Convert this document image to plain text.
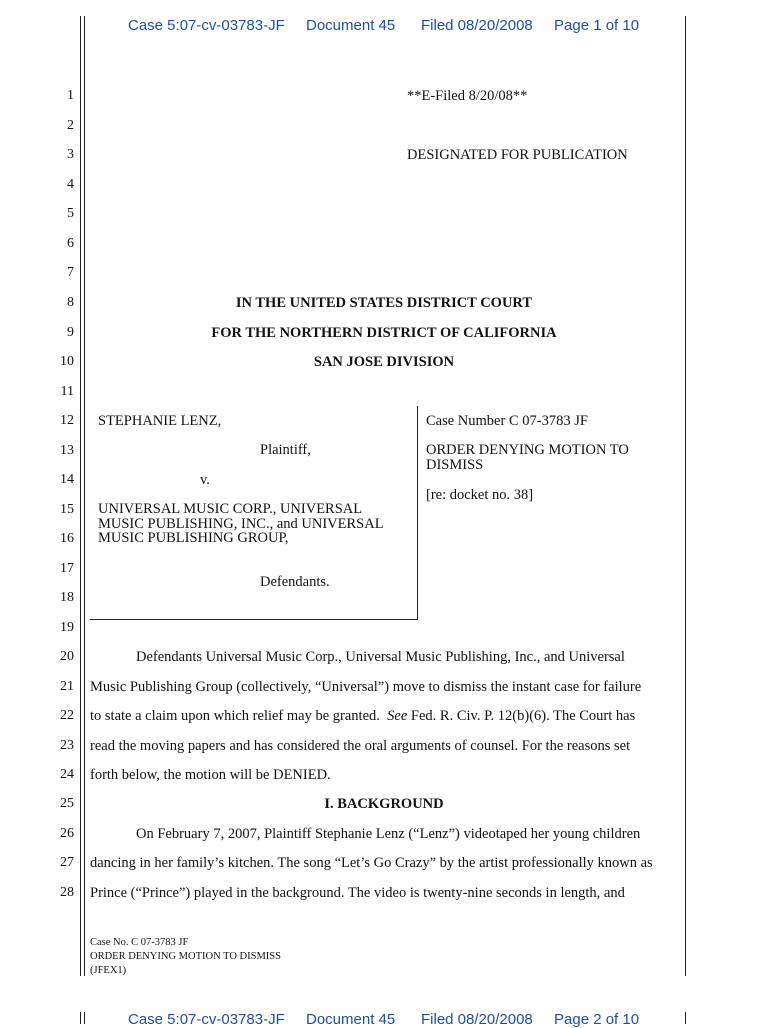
Case 5:07-cv-03783-JF Document 45 Filed 08/20/2008 Page 1 of 10
1
2
3
4
5
6
7
8
9
10
11
12
13
14
15
16
17
18
19
20
21
22
23
24
25
26
27
28
**E-Filed 8/20/08**
DESIGNATED FOR PUBLICATION
IN THE UNITED STATES DISTRICT COURT
FOR THE NORTHERN DISTRICT OF CALIFORNIA
SAN JOSE DIVISION
STEPHANIE LENZ,
Plaintiff,
v.
UNIVERSAL MUSIC CORP., UNIVERSAL MUSIC PUBLISHING, INC., and UNIVERSAL MUSIC PUBLISHING GROUP,
Defendants.
Case Number C 07-3783 JF
ORDER DENYING MOTION TO DISMISS
[re: docket no. 38]
Defendants Universal Music Corp., Universal Music Publishing, Inc., and Universal
Music Publishing Group (collectively, “Universal”) move to dismiss the instant case for failure
to state a claim upon which relief may be granted. See Fed. R. Civ. P. 12(b)(6). The Court has
read the moving papers and has considered the oral arguments of counsel. For the reasons set
forth below, the motion will be DENIED.
I. BACKGROUND
On February 7, 2007, Plaintiff Stephanie Lenz (“Lenz”) videotaped her young children
dancing in her family’s kitchen. The song “Let’s Go Crazy” by the artist professionally known as
Prince (“Prince”) played in the background. The video is twenty-nine seconds in length, and
Case No. C 07-3783 JF
ORDER DENYING MOTION TO DISMISS
(JFEX1)
Case 5:07-cv-03783-JF Document 45 Filed 08/20/2008 Page 2 of 10
